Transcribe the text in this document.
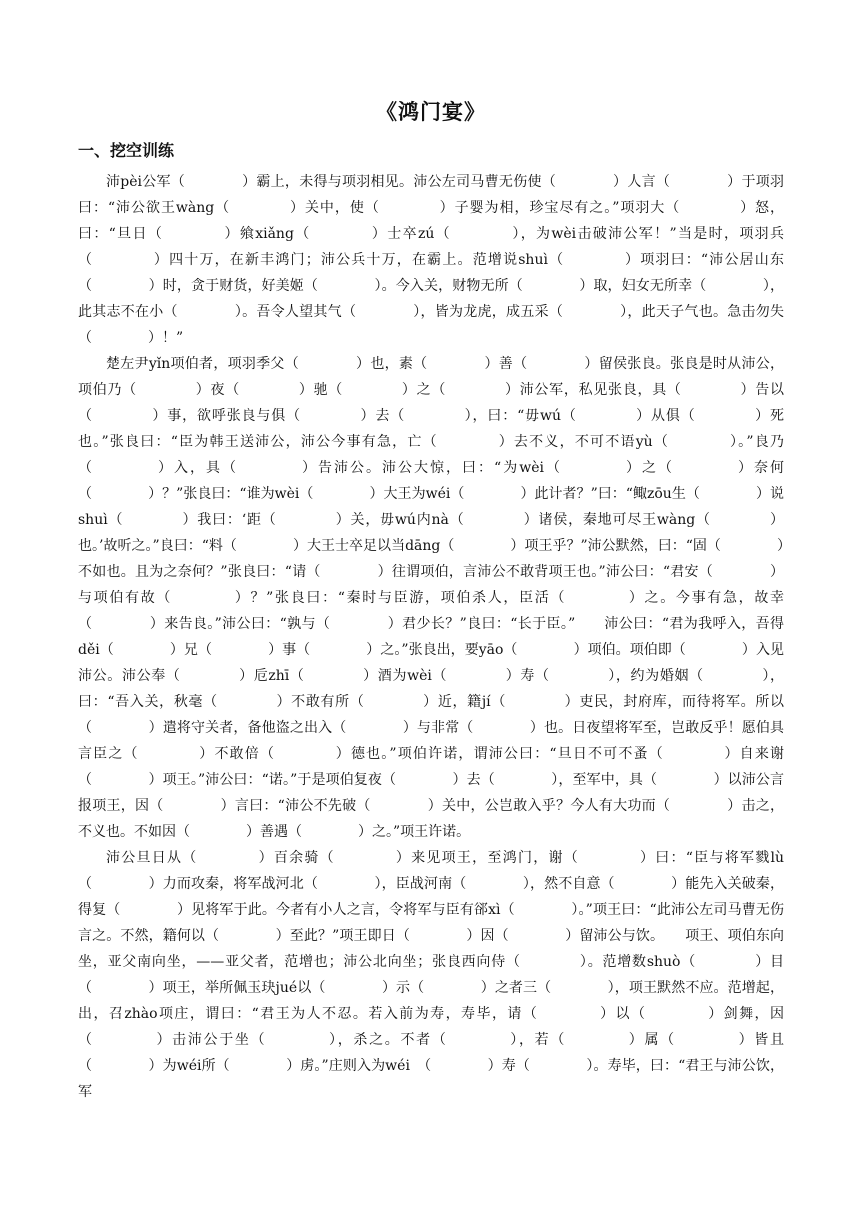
《鸿门宴》
一、挖空训练

沛pèi公军（　　　　）霸上，未得与项羽相见。沛公左司马曹无伤使（　　　　）人言（　　　　）于项羽曰：“沛公欲王wàng（　　　　）关中，使（　　　　）子婴为相，珍宝尽有之。”项羽大（　　　　）怒，曰：“旦日（　　　　）飨xiǎng（　　　　）士卒zú（　　　　），为wèi击破沛公军！”当是时，项羽兵（　　　　）四十万，在新丰鸿门；沛公兵十万，在霸上。范增说shuì（　　　　）项羽曰：“沛公居山东（　　　　）时，贪于财货，好美姬（　　　　）。今入关，财物无所（　　　　）取，妇女无所幸（　　　　），此其志不在小（　　　　）。吾令人望其气（　　　　），皆为龙虎，成五采（　　　　），此天子气也。急击勿失（　　　　）！”

楚左尹yǐn项伯者，项羽季父（　　　　）也，素（　　　　）善（　　　　）留侯张良。张良是时从沛公，项伯乃（　　　　）夜（　　　　）驰（　　　　）之（　　　　）沛公军，私见张良，具（　　　　）告以（　　　　）事，欲呼张良与俱（　　　　）去（　　　　），曰：“毋wú（　　　　）从俱（　　　　）死也。”张良曰：“臣为韩王送沛公，沛公今事有急，亡（　　　　）去不义，不可不语yù（　　　　）。”良乃（　　　　）入，具（　　　　）告沛公。沛公大惊，曰：“为wèi（　　　　）之（　　　　）奈何（　　　　）？”张良曰：“谁为wèi（　　　　）大王为wéi（　　　　）此计者？”曰：“鲰zōu生（　　　　）说shuì（　　　　）我曰：‘距（　　　　）关，毋wú内nà（　　　　）诸侯，秦地可尽王wàng（　　　　）也。’故听之。”良曰：“料（　　　　）大王士卒足以当dāng（　　　　）项王乎？”沛公默然，曰：“固（　　　　）不如也。且为之奈何？”张良曰：“请（　　　　）往谓项伯，言沛公不敢背项王也。”沛公曰：“君安（　　　　）与项伯有故（　　　　）？”张良曰：“秦时与臣游，项伯杀人，臣活（　　　　）之。今事有急，故幸（　　　　）来告良。”沛公曰：“孰与（　　　　）君少长？”良曰：“长于臣。”　　沛公曰：“君为我呼入，吾得děi（　　　　）兄（　　　　）事（　　　　）之。”张良出，要yāo（　　　　）项伯。项伯即（　　　　）入见沛公。沛公奉（　　　　）卮zhī（　　　　）酒为wèi（　　　　）寿（　　　　），约为婚姻（　　　　），曰：“吾入关，秋毫（　　　　）不敢有所（　　　　）近，籍jí（　　　　）吏民，封府库，而待将军。所以（　　　　）遣将守关者，备他盗之出入（　　　　）与非常（　　　　）也。日夜望将军至，岂敢反乎！愿伯具言臣之（　　　　）不敢倍（　　　　）德也。”项伯许诺，谓沛公曰：“旦日不可不蚤（　　　　）自来谢（　　　　）项王。”沛公曰：“诺。”于是项伯复夜（　　　　）去（　　　　），至军中，具（　　　　）以沛公言报项王，因（　　　　）言曰：“沛公不先破（　　　　）关中，公岂敢入乎？今人有大功而（　　　　）击之，不义也。不如因（　　　　）善遇（　　　　）之。”项王许诺。

沛公旦日从（　　　　）百余骑（　　　　）来见项王，至鸿门，谢（　　　　）曰：“臣与将军戮lù（　　　　）力而攻秦，将军战河北（　　　　），臣战河南（　　　　），然不自意（　　　　）能先入关破秦，得复（　　　　）见将军于此。今者有小人之言，令将军与臣有郤xì（　　　　）。”项王曰：“此沛公左司马曹无伤言之。不然，籍何以（　　　　）至此？”项王即日（　　　　）因（　　　　）留沛公与饮。　　项王、项伯东向坐，亚父南向坐，——亚父者，范增也；沛公北向坐；张良西向侍（　　　　）。范增数shuò（　　　　）目（　　　　）项王，举所佩玉玦jué以（　　　　）示（　　　　）之者三（　　　　），项王默然不应。范增起，出，召zhào项庄，谓曰：“君王为人不忍。若入前为寿，寿毕，请（　　　　）以（　　　　）剑舞，因（　　　　）击沛公于坐（　　　　），杀之。不者（　　　　），若（　　　　）属（　　　　）皆且（　　　　）为wéi所（　　　　）虏。”庄则入为wéi　（　　　　）寿（　　　　）。寿毕，曰：“君王与沛公饮，军
